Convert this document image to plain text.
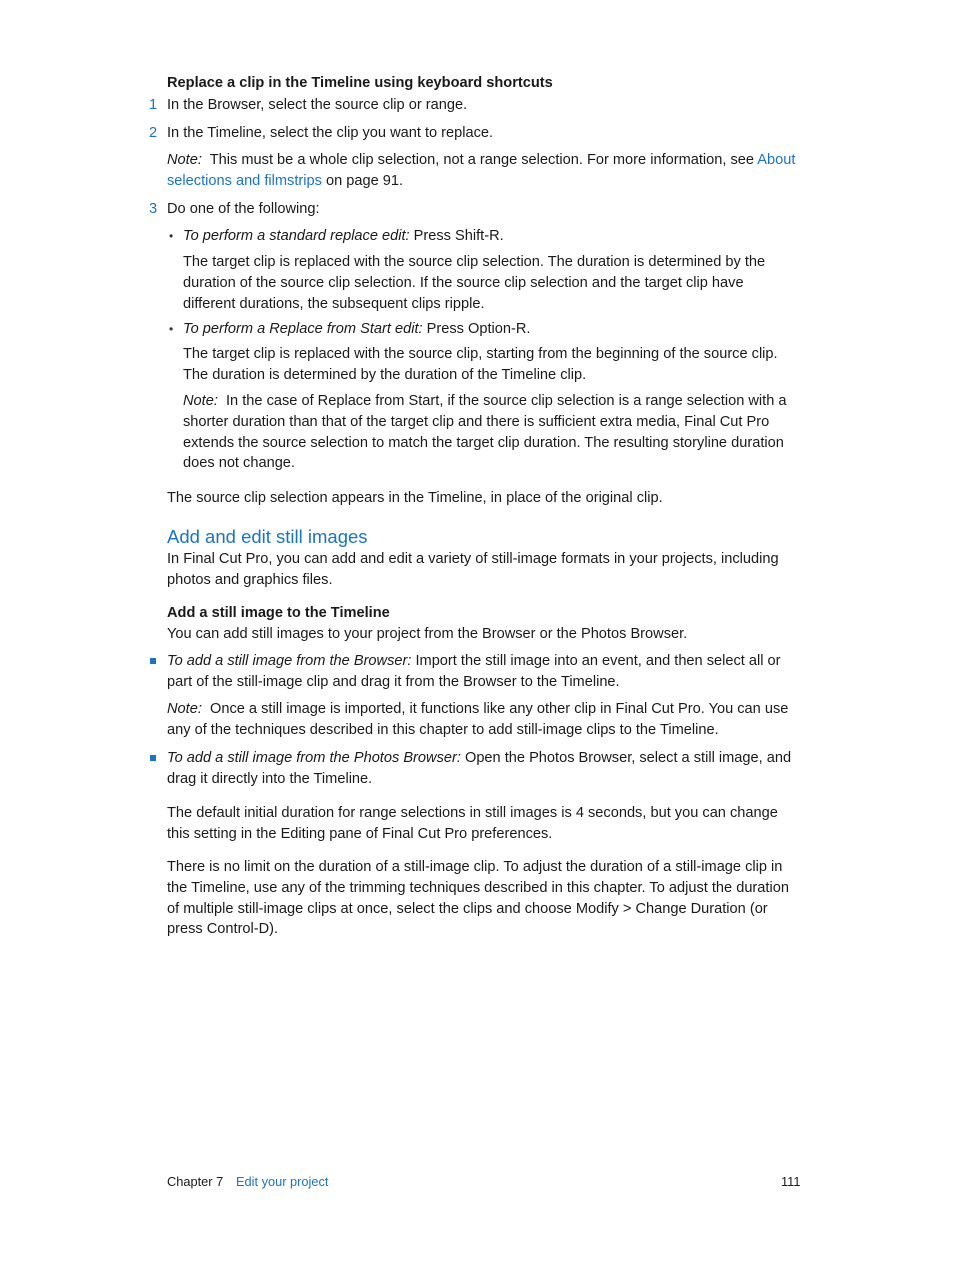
Replace a clip in the Timeline using keyboard shortcuts
1 In the Browser, select the source clip or range.
2 In the Timeline, select the clip you want to replace.
Note: This must be a whole clip selection, not a range selection. For more information, see About
selections and filmstrips on page 91.
3 Do one of the following:
• To perform a standard replace edit: Press Shift-R.
The target clip is replaced with the source clip selection. The duration is determined by the
duration of the source clip selection. If the source clip selection and the target clip have
different durations, the subsequent clips ripple.
• To perform a Replace from Start edit: Press Option-R.
The target clip is replaced with the source clip, starting from the beginning of the source clip.
The duration is determined by the duration of the Timeline clip.
Note: In the case of Replace from Start, if the source clip selection is a range selection with a
shorter duration than that of the target clip and there is sufficient extra media, Final Cut Pro
extends the source selection to match the target clip duration. The resulting storyline duration
does not change.
The source clip selection appears in the Timeline, in place of the original clip.
Add and edit still images
In Final Cut Pro, you can add and edit a variety of still-image formats in your projects, including
photos and graphics files.
Add a still image to the Timeline
You can add still images to your project from the Browser or the Photos Browser.
To add a still image from the Browser: Import the still image into an event, and then select all or
part of the still-image clip and drag it from the Browser to the Timeline.
Note: Once a still image is imported, it functions like any other clip in Final Cut Pro. You can use
any of the techniques described in this chapter to add still-image clips to the Timeline.
To add a still image from the Photos Browser: Open the Photos Browser, select a still image, and
drag it directly into the Timeline.
The default initial duration for range selections in still images is 4 seconds, but you can change
this setting in the Editing pane of Final Cut Pro preferences.
There is no limit on the duration of a still-image clip. To adjust the duration of a still-image clip in
the Timeline, use any of the trimming techniques described in this chapter. To adjust the duration
of multiple still-image clips at once, select the clips and choose Modify > Change Duration (or
press Control-D).
Chapter 7 Edit your project	111
